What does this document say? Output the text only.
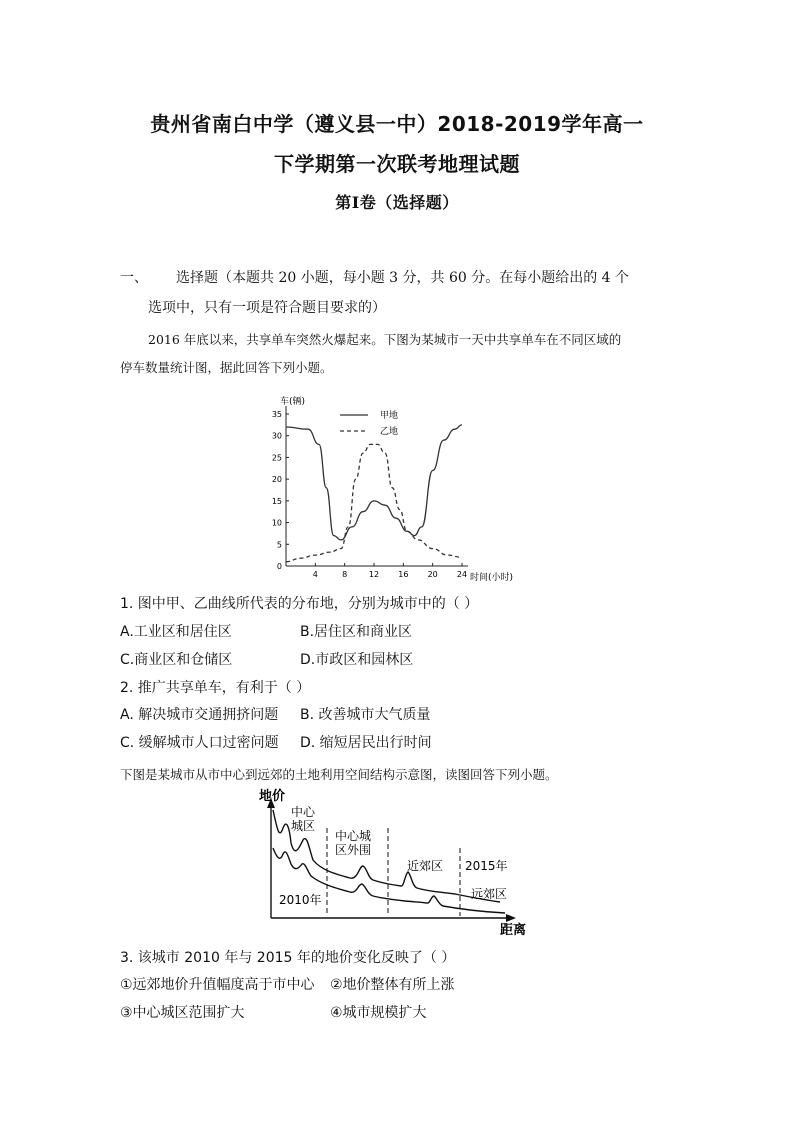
贵州省南白中学（遵义县一中）2018-2019学年高一
下学期第一次联考地理试题
第Ⅰ卷（选择题）
一、 选择题（本题共 20 小题，每小题 3 分，共 60 分。在每小题给出的 4 个
选项中，只有一项是符合题目要求的）
2016 年底以来，共享单车突然火爆起来。下图为某城市一天中共享单车在不同区域的
停车数量统计图，据此回答下列小题。
0
5
10
15
20
25
30
35
4	8	12 16 20 24
甲地
乙地
车(辆)
时间(小时)
1. 图中甲、乙曲线所代表的分布地，分别为城市中的（ ）
A.工业区和居住区	B.居住区和商业区
C.商业区和仓储区	D.市政区和园林区
2. 推广共享单车，有利于（ ）
A. 解决城市交通拥挤问题 B. 改善城市大气质量
C. 缓解城市人口过密问题 D. 缩短居民出行时间
下图是某城市从市中心到远郊的土地利用空间结构示意图，读图回答下列小题。
地价
距离
中心
城区
中心城
区外围
近郊区
远郊区
2015年
2010年
3. 该城市 2010 年与 2015 年的地价变化反映了（ ）
①远郊地价升值幅度高于市中心 ②地价整体有所上涨
③中心城区范围扩大	④城市规模扩大
